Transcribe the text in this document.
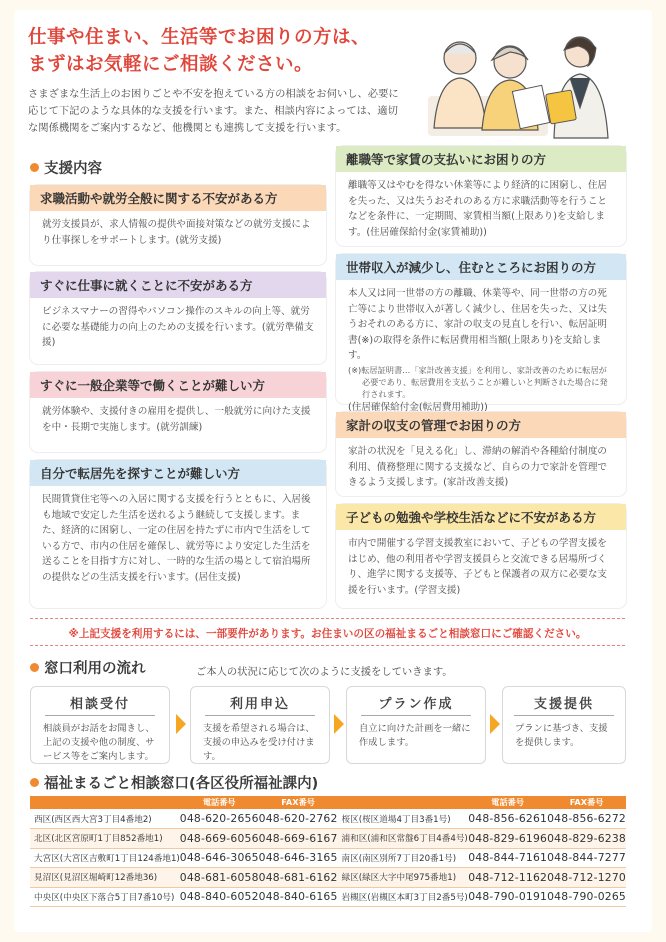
仕事や住まい、生活等でお困りの方は、
まずはお気軽にご相談ください。
さまざまな生活上のお困りごとや不安を抱えている方の相談をお伺いし、必要に応じて下記のような具体的な支援を行います。また、相談内容によっては、適切な関係機関をご案内するなど、他機関とも連携して支援を行います。
支援内容
求職活動や就労全般に関する不安がある方
就労支援員が、求人情報の提供や面接対策などの就労支援により仕事探しをサポートします。(就労支援)
すぐに仕事に就くことに不安がある方
ビジネスマナーの習得やパソコン操作のスキルの向上等、就労に必要な基礎能力の向上のための支援を行います。(就労準備支援)
すぐに一般企業等で働くことが難しい方
就労体験や、支援付きの雇用を提供し、一般就労に向けた支援を中・長期で実施します。(就労訓練)
自分で転居先を探すことが難しい方
民間賃貸住宅等への入居に関する支援を行うとともに、入居後も地域で安定した生活を送れるよう継続して支援します。また、経済的に困窮し、一定の住居を持たずに市内で生活をしている方で、市内の住居を確保し、就労等により安定した生活を送ることを目指す方に対し、一時的な生活の場として宿泊場所の提供などの生活支援を行います。(居住支援)
離職等で家賃の支払いにお困りの方
離職等又はやむを得ない休業等により経済的に困窮し、住居を失った、又は失うおそれのある方に求職活動等を行うことなどを条件に、一定期間、家賃相当額(上限あり)を支給します。(住居確保給付金(家賃補助))
世帯収入が減少し、住むところにお困りの方
本人又は同一世帯の方の離職、休業等や、同一世帯の方の死亡等により世帯収入が著しく減少し、住居を失った、又は失うおそれのある方に、家計の収支の見直しを行い、転居証明書(※)の取得を条件に転居費用相当額(上限あり)を支給します。
(※)転居証明書…「家計改善支援」を利用し、家計改善のために転居が必要であり、転居費用を支払うことが難しいと判断された場合に発行されます。
(住居確保給付金(転居費用補助))
家計の収支の管理でお困りの方
家計の状況を「見える化」し、滞納の解消や各種給付制度の利用、債務整理に関する支援など、自らの力で家計を管理できるよう支援します。(家計改善支援)
子どもの勉強や学校生活などに不安がある方
市内で開催する学習支援教室において、子どもの学習支援をはじめ、他の利用者や学習支援員らと交流できる居場所づくり、進学に関する支援等、子どもと保護者の双方に必要な支援を行います。(学習支援)
※上記支援を利用するには、一部要件があります。お住まいの区の福祉まるごと相談窓口にご確認ください。
窓口利用の流れ	ご本人の状況に応じて次のように支援をしていきます。
相談受付
相談員がお話をお聞きし、上記の支援や他の制度、サービス等をご案内します。
利用申込
支援を希望される場合は、支援の申込みを受け付けます。
プラン作成
自立に向けた計画を一緒に作成します。
支援提供
プランに基づき、支援を提供します。
福祉まるごと相談窓口(各区役所福祉課内)
	電話番号	FAX番号		電話番号	FAX番号
西区(西区西大宮3丁目4番地2)	048-620-2656	048-620-2762	桜区(桜区道場4丁目3番1号)	048-856-6261	048-856-6272
北区(北区宮原町1丁目852番地1)	048-669-6056	048-669-6167	浦和区(浦和区常盤6丁目4番4号)	048-829-6196	048-829-6238
大宮区(大宮区吉敷町1丁目124番地1)	048-646-3065	048-646-3165	南区(南区別所7丁目20番1号)	048-844-7161	048-844-7277
見沼区(見沼区堀崎町12番地36)	048-681-6058	048-681-6162	緑区(緑区大字中尾975番地1)	048-712-1162	048-712-1270
中央区(中央区下落合5丁目7番10号)	048-840-6052	048-840-6165	岩槻区(岩槻区本町3丁目2番5号)	048-790-0191	048-790-0265
